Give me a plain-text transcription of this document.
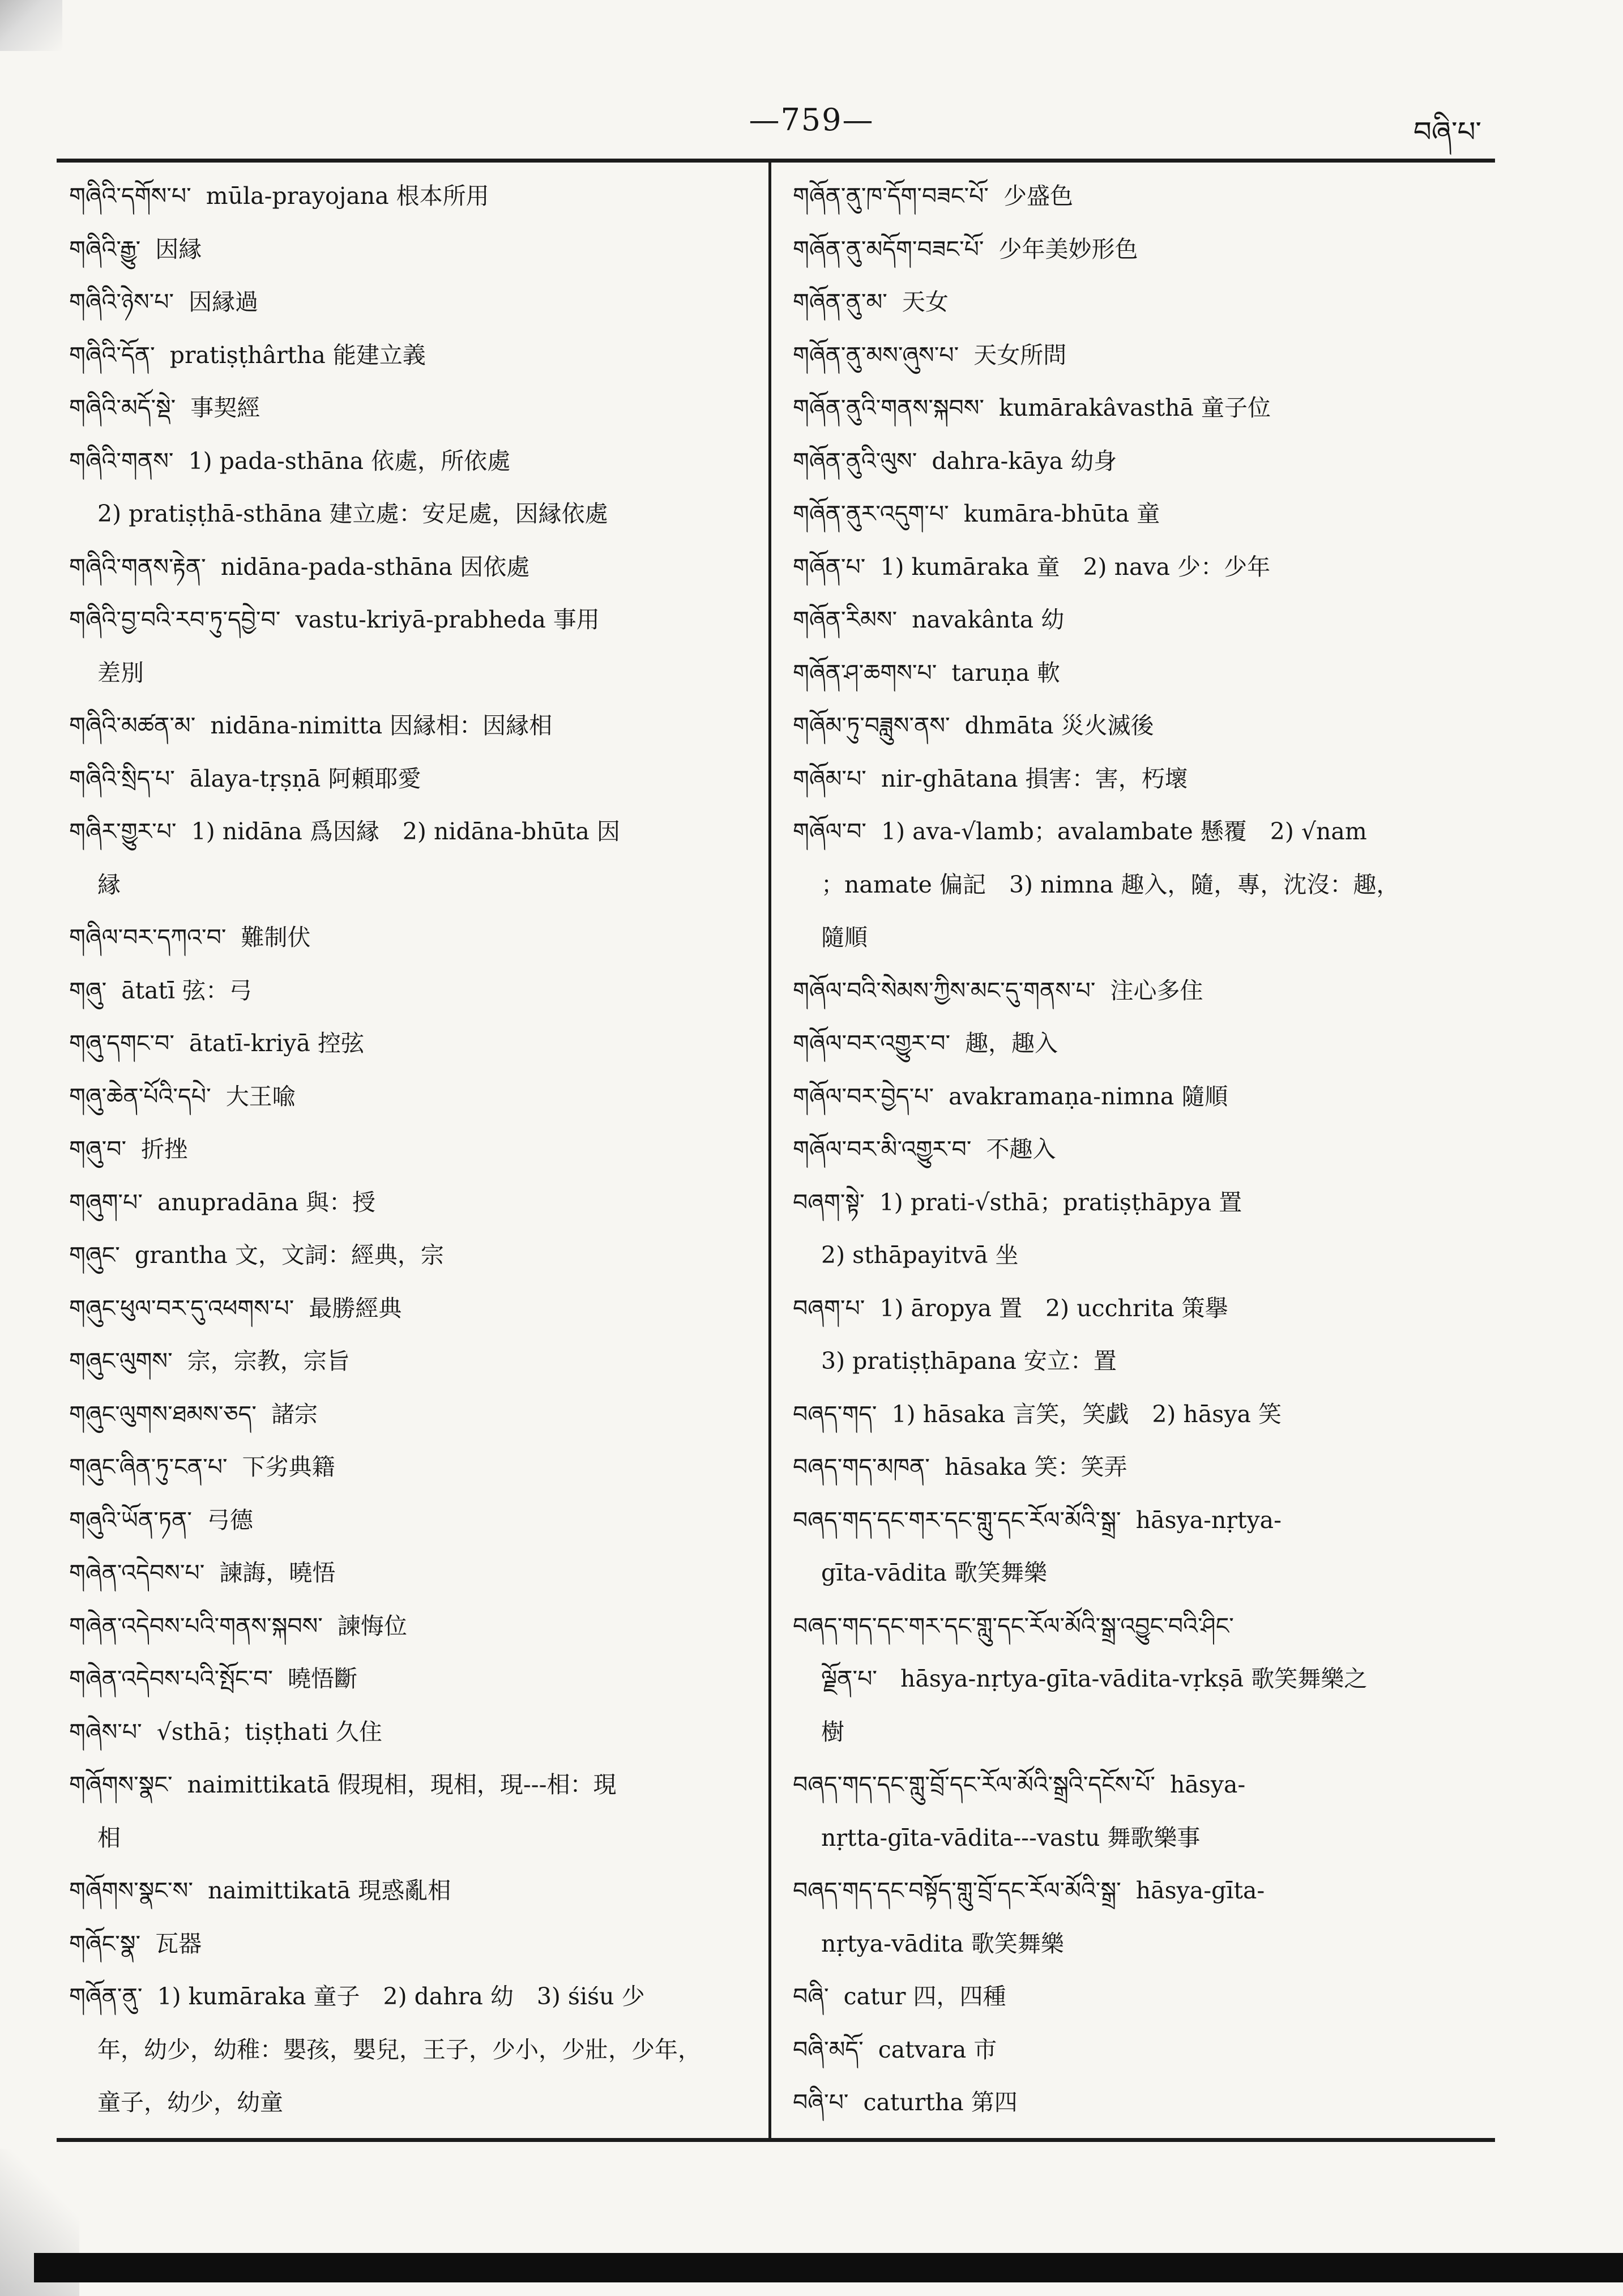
—759—	བཞི་པ་

གཞིའི་དགོས་པ་ mūla-prayojana 根本所用

གཞིའི་རྒྱུ་ 因縁

གཞིའི་ཉེས་པ་ 因縁過

གཞིའི་དོན་ pratiṣṭhârtha 能建立義

གཞིའི་མདོ་སྡེ་ 事契經

གཞིའི་གནས་ 1) pada-sthāna 依處，所依處

2) pratiṣṭhā-sthāna 建立處：安足處，因縁依處

གཞིའི་གནས་རྟེན་ nidāna-pada-sthāna 因依處

གཞིའི་བྱ་བའི་རབ་ཏུ་དབྱེ་བ་ vastu-kriyā-prabheda 事用

差別

གཞིའི་མཚན་མ་ nidāna-nimitta 因縁相：因縁相

གཞིའི་སྲིད་པ་ ālaya-tṛṣṇā 阿頼耶愛

གཞིར་གྱུར་པ་ 1) nidāna 爲因縁　2) nidāna-bhūta 因

縁

གཞིལ་བར་དཀའ་བ་ 難制伏

གཞུ་ ātatī 弦：弓

གཞུ་དགང་བ་ ātatī-kriyā 控弦

གཞུ་ཆེན་པོའི་དཔེ་ 大王喩

གཞུ་བ་ 折挫

གཞུག་པ་ anupradāna 與：授

གཞུང་ grantha 文，文詞：經典，宗

གཞུང་ཕུལ་བར་དུ་འཕགས་པ་ 最勝經典

གཞུང་ལུགས་ 宗，宗教，宗旨

གཞུང་ལུགས་ཐམས་ཅད་ 諸宗

གཞུང་ཞིན་ཏུ་ངན་པ་ 下劣典籍

གཞུའི་ཡོན་ཏན་ 弓德

གཞེན་འདེབས་པ་ 諫誨，曉悟

གཞེན་འདེབས་པའི་གནས་སྐབས་ 諫悔位

གཞེན་འདེབས་པའི་སྤོང་བ་ 曉悟斷

གཞེས་པ་ √sthā；tiṣṭhati 久住

གཞོགས་སྣང་ naimittikatā 假現相，現相，現---相：現

相

གཞོགས་སྣང་ས་ naimittikatā 現惑亂相

གཞོང་སྣ་ 瓦器

གཞོན་ནུ་ 1) kumāraka 童子　2) dahra 幼　3) śiśu 少

年，幼少，幼稚：嬰孩，嬰兒，王子，少小，少壯，少年，

童子，幼少，幼童

གཞོན་ནུ་ཁ་དོག་བཟང་པོ་ 少盛色

གཞོན་ནུ་མདོག་བཟང་པོ་ 少年美妙形色

གཞོན་ནུ་མ་ 天女

གཞོན་ནུ་མས་ཞུས་པ་ 天女所問

གཞོན་ནུའི་གནས་སྐབས་ kumārakâvasthā 童子位

གཞོན་ནུའི་ལུས་ dahra-kāya 幼身

གཞོན་ནུར་འདུག་པ་ kumāra-bhūta 童

གཞོན་པ་ 1) kumāraka 童　2) nava 少：少年

གཞོན་རིམས་ navakânta 幼

གཞོན་ཤ་ཆགས་པ་ taruṇa 軟

གཞོམ་ཏུ་བཟླུས་ནས་ dhmāta 災火滅後

གཞོམ་པ་ nir-ghātana 損害：害，朽壞

གཞོལ་བ་ 1) ava-√lamb；avalambate 懸覆　2) √nam

；namate 偏記　3) nimna 趣入，隨，專，沈沒：趣，

隨順

གཞོལ་བའི་སེམས་ཀྱིས་མང་དུ་གནས་པ་ 注心多住

གཞོལ་བར་འགྱུར་བ་ 趣，趣入

གཞོལ་བར་བྱེད་པ་ avakramaṇa-nimna 隨順

གཞོལ་བར་མི་འགྱུར་བ་ 不趣入

བཞག་སྟེ་ 1) prati-√sthā；pratiṣṭhāpya 置

2) sthāpayitvā 坐

བཞག་པ་ 1) āropya 置　2) ucchrita 策擧

3) pratiṣṭhāpana 安立：置

བཞད་གད་ 1) hāsaka 言笑，笑戯　2) hāsya 笑

བཞད་གད་མཁན་ hāsaka 笑：笑弄

བཞད་གད་དང་གར་དང་གླུ་དང་རོལ་མོའི་སྒྲ་ hāsya-nṛtya-

gīta-vādita 歌笑舞樂

བཞད་གད་དང་གར་དང་གླུ་དང་རོལ་མོའི་སྒྲ་འབྱུང་བའི་ཤིང་

ལྗོན་པ་　hāsya-nṛtya-gīta-vādita-vṛkṣā 歌笑舞樂之

樹

བཞད་གད་དང་གླུ་བྲོ་དང་རོལ་མོའི་སྒྲའི་དངོས་པོ་ hāsya-

nṛtta-gīta-vādita---vastu 舞歌樂事

བཞད་གད་དང་བསྟོད་གླུ་བྲོ་དང་རོལ་མོའི་སྒྲ་ hāsya-gīta-

nṛtya-vādita 歌笑舞樂

བཞི་ catur 四，四種

བཞི་མདོ་ catvara 市

བཞི་པ་ caturtha 第四
